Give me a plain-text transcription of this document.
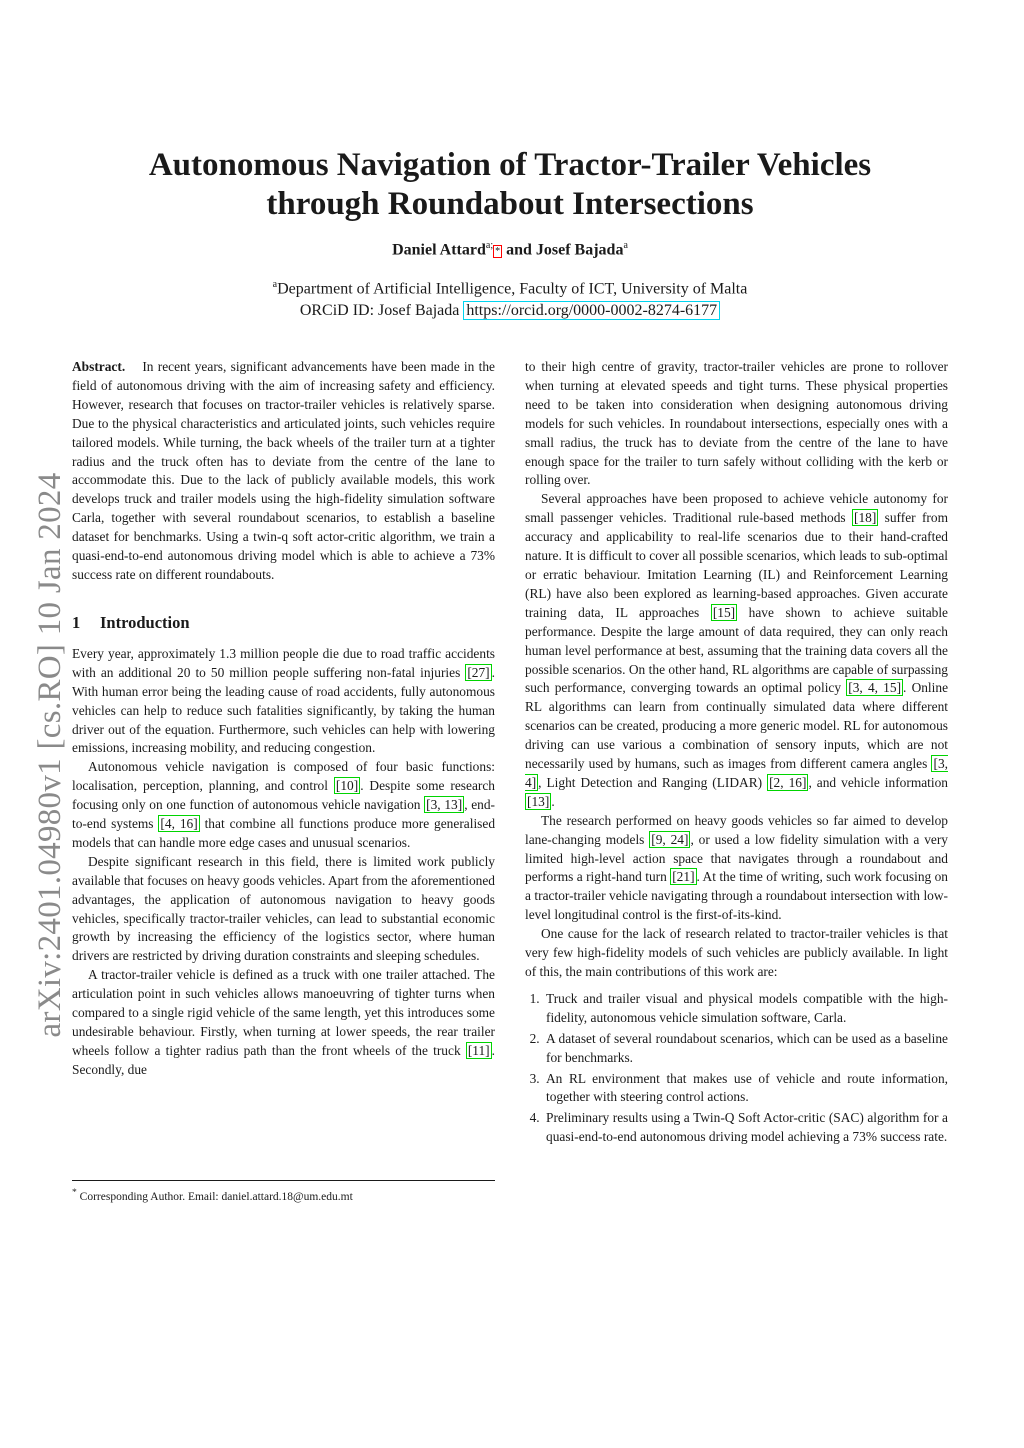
arXiv:2401.04980v1 [cs.RO] 10 Jan 2024
Autonomous Navigation of Tractor-Trailer Vehicles
through Roundabout Intersections
Daniel Attard$^{a;}$* and Josef Bajada$^a$
$^a$Department of Artificial Intelligence, Faculty of ICT, University of Malta
ORCiD ID: Josef Bajada https://orcid.org/0000-0002-8274-6177

Abstract. In recent years, significant advancements have been made in the field of autonomous driving with the aim of increasing safety and efficiency. However, research that focuses on tractor-trailer vehicles is relatively sparse. Due to the physical characteristics and articulated joints, such vehicles require tailored models. While turning, the back wheels of the trailer turn at a tighter radius and the truck often has to deviate from the centre of the lane to accommodate this. Due to the lack of publicly available models, this work develops truck and trailer models using the high-fidelity simulation software Carla, together with several roundabout scenarios, to establish a baseline dataset for benchmarks. Using a twin-q soft actor-critic algorithm, we train a quasi-end-to-end autonomous driving model which is able to achieve a 73% success rate on different roundabouts.

1 Introduction

Every year, approximately 1.3 million people die due to road traffic accidents with an additional 20 to 50 million people suffering non-fatal injuries [27] . With human error being the leading cause of road accidents, fully autonomous vehicles can help to reduce such fatalities significantly, by taking the human driver out of the equation. Furthermore, such vehicles can help with lowering emissions, increasing mobility, and reducing congestion.

Autonomous vehicle navigation is composed of four basic functions: localisation, perception, planning, and control [10] . Despite some research focusing only on one function of autonomous vehicle navigation [3, 13] , end-to-end systems [4, 16] that combine all functions produce more generalised models that can handle more edge cases and unusual scenarios.

Despite significant research in this field, there is limited work publicly available that focuses on heavy goods vehicles. Apart from the aforementioned advantages, the application of autonomous navigation to heavy goods vehicles, specifically tractor-trailer vehicles, can lead to substantial economic growth by increasing the efficiency of the logistics sector, where human drivers are restricted by driving duration constraints and sleeping schedules.

A tractor-trailer vehicle is defined as a truck with one trailer attached. The articulation point in such vehicles allows manoeuvring of tighter turns when compared to a single rigid vehicle of the same length, yet this introduces some undesirable behaviour. Firstly, when turning at lower speeds, the rear trailer wheels follow a tighter radius path than the front wheels of the truck [11] . Secondly, due

* Corresponding Author. Email: daniel.attard.18@um.edu.mt

to their high centre of gravity, tractor-trailer vehicles are prone to rollover when turning at elevated speeds and tight turns. These physical properties need to be taken into consideration when designing autonomous driving models for such vehicles. In roundabout intersections, especially ones with a small radius, the truck has to deviate from the centre of the lane to have enough space for the trailer to turn safely without colliding with the kerb or rolling over.

Several approaches have been proposed to achieve vehicle autonomy for small passenger vehicles. Traditional rule-based methods [18] suffer from accuracy and applicability to real-life scenarios due to their hand-crafted nature. It is difficult to cover all possible scenarios, which leads to sub-optimal or erratic behaviour. Imitation Learning (IL) and Reinforcement Learning (RL) have also been explored as learning-based approaches. Given accurate training data, IL approaches [15] have shown to achieve suitable performance. Despite the large amount of data required, they can only reach human level performance at best, assuming that the training data covers all the possible scenarios. On the other hand, RL algorithms are capable of surpassing such performance, converging towards an optimal policy [3, 4, 15] . Online RL algorithms can learn from continually simulated data where different scenarios can be created, producing a more generic model. RL for autonomous driving can use various a combination of sensory inputs, which are not necessarily used by humans, such as images from different camera angles [3, 4] , Light Detection and Ranging (LIDAR) [2, 16] , and vehicle information [13] .

The research performed on heavy goods vehicles so far aimed to develop lane-changing models [9, 24] , or used a low fidelity simulation with a very limited high-level action space that navigates through a roundabout and performs a right-hand turn [21] . At the time of writing, such work focusing on a tractor-trailer vehicle navigating through a roundabout intersection with low-level longitudinal control is the first-of-its-kind.

One cause for the lack of research related to tractor-trailer vehicles is that very few high-fidelity models of such vehicles are publicly available. In light of this, the main contributions of this work are:

1. Truck and trailer visual and physical models compatible with the high-fidelity, autonomous vehicle simulation software, Carla.
2. A dataset of several roundabout scenarios, which can be used as a baseline for benchmarks.
3. An RL environment that makes use of vehicle and route information, together with steering control actions.
4. Preliminary results using a Twin-Q Soft Actor-critic (SAC) algorithm for a quasi-end-to-end autonomous driving model achieving a 73% success rate.
